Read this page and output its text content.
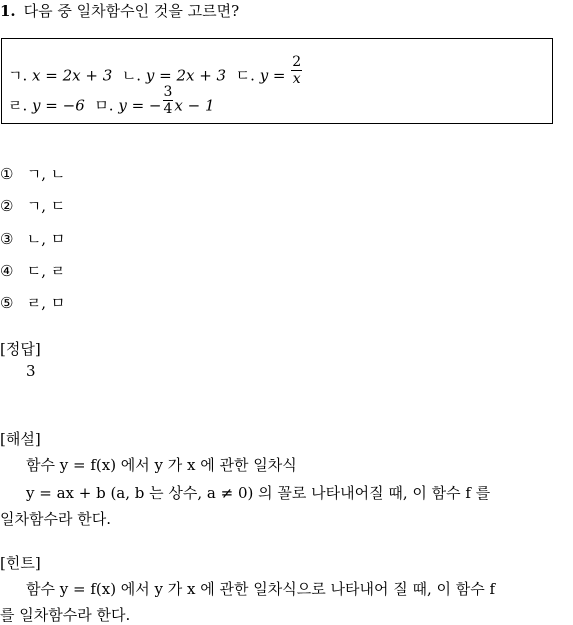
1. 다음 중 일차함수인 것을 고르면?
ㄱ. x = 2x + 3 ㄴ. y = 2x + 3 ㄷ. $y = \frac{2}{x}$
ㄹ. y = −6 ㅁ. y = − $\frac{3}{4}$ x − 1
① ㄱ, ㄴ
② ㄱ, ㄷ
③ ㄴ, ㅁ
④ ㄷ, ㄹ
⑤ ㄹ, ㅁ
[정답]
3
[해설]
함수 y = f(x) 에서 y 가 x 에 관한 일차식
y = ax + b (a, b 는 상수, a ≠ 0) 의 꼴로 나타내어질 때, 이 함수 f 를
일차함수라 한다.
[힌트]
함수 y = f(x) 에서 y 가 x 에 관한 일차식으로 나타내어 질 때, 이 함수 f
를 일차함수라 한다.
